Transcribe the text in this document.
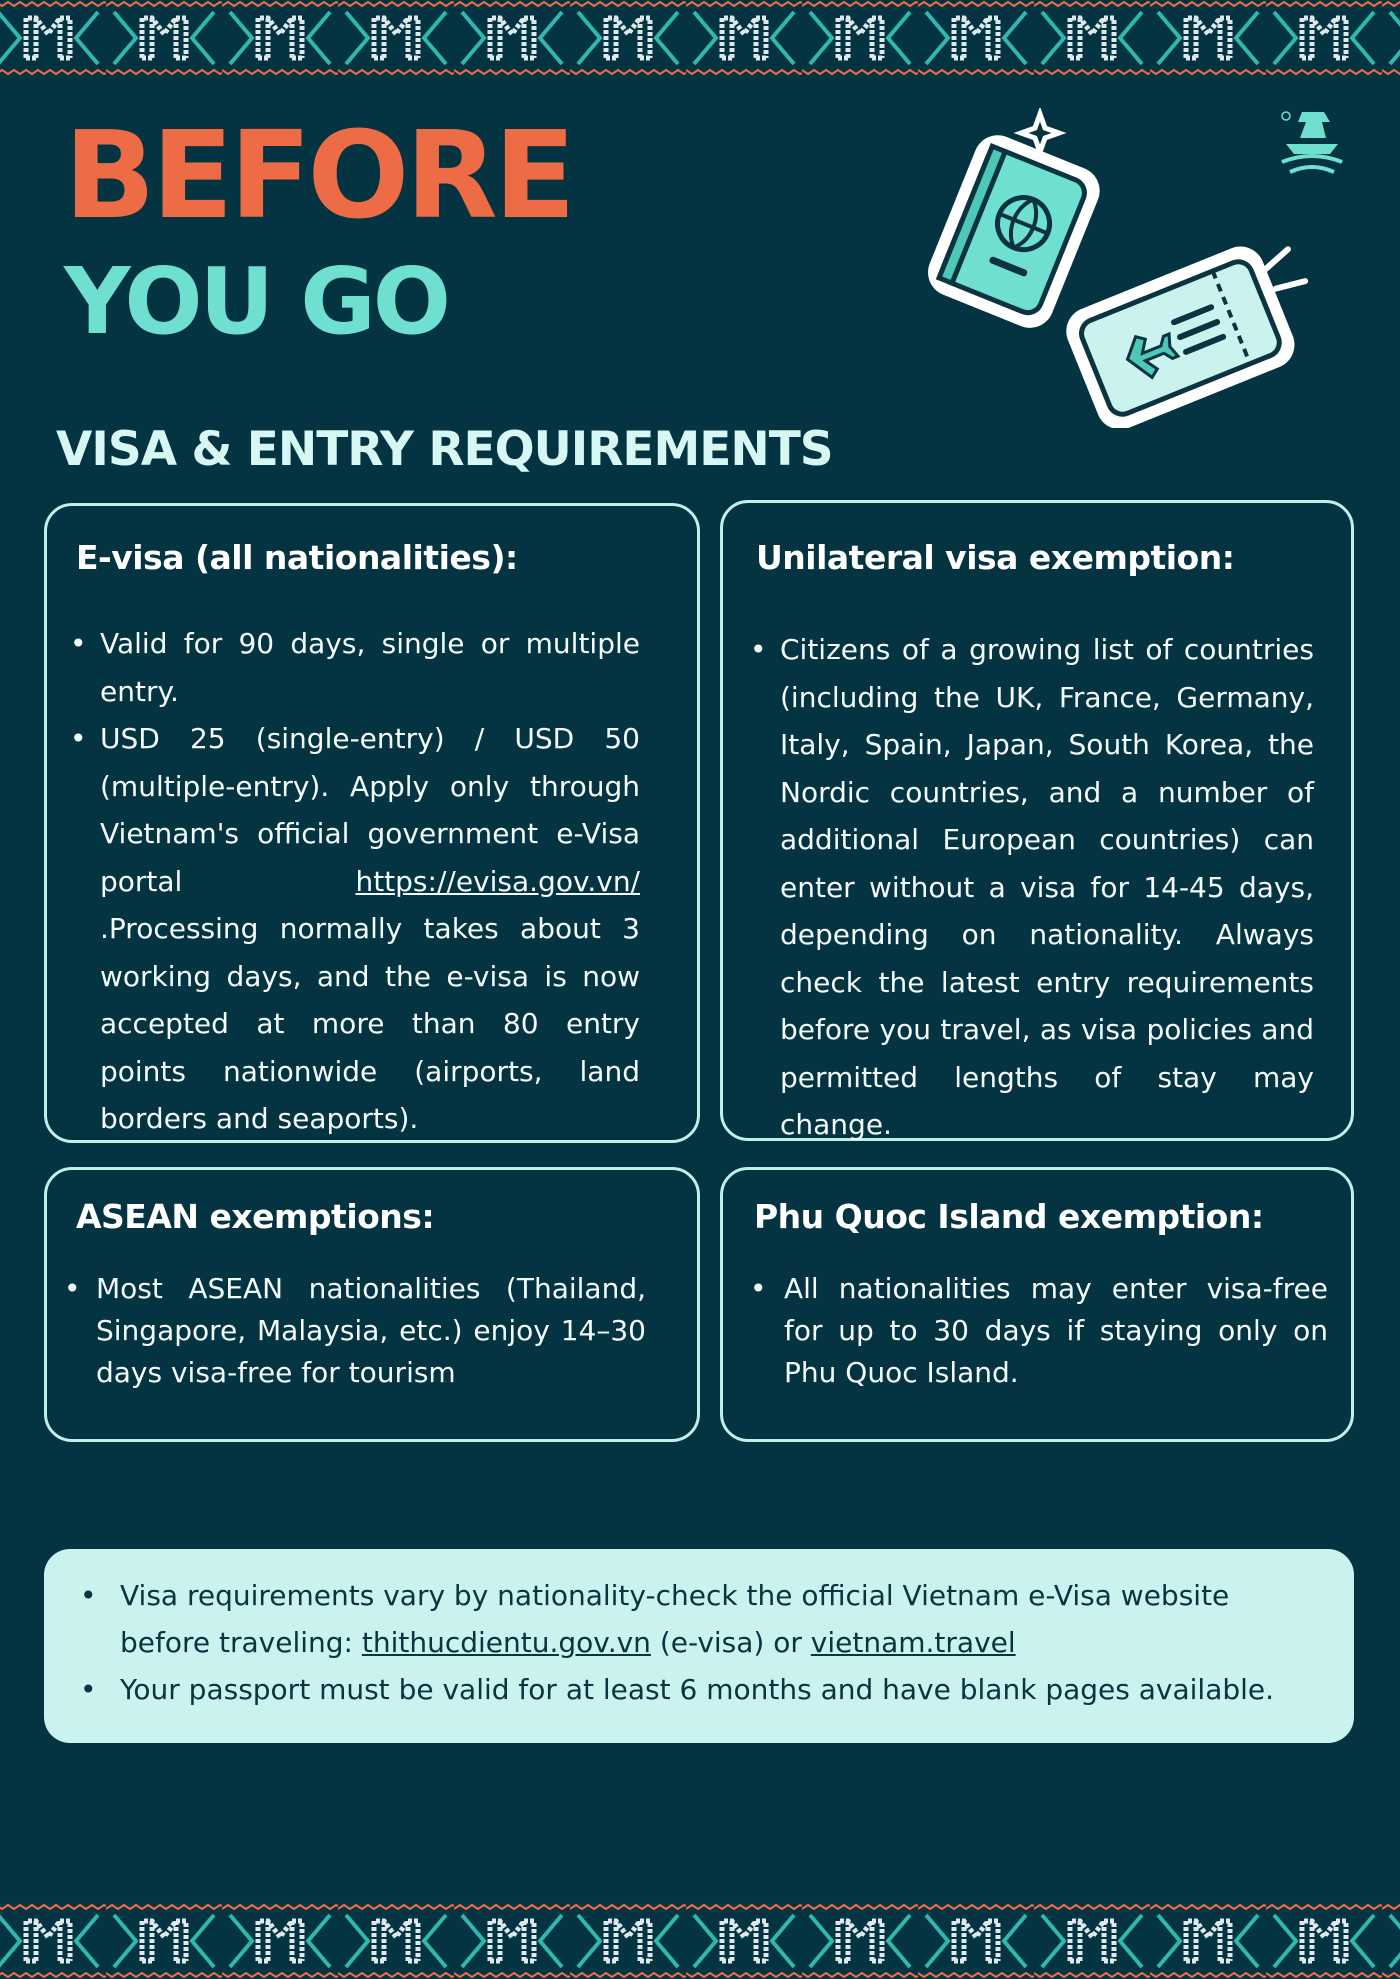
BEFORE
YOU GO
VISA & ENTRY REQUIREMENTS
E-visa (all nationalities):
• Valid for 90 days, single or multiple entry.
• USD 25 (single-entry) / USD 50 (multiple-entry). Apply only through Vietnam's official government e-Visa portal https://evisa.gov.vn/ .Processing normally takes about 3 working days, and the e-visa is now accepted at more than 80 entry points nationwide (airports, land borders and seaports).
Unilateral visa exemption:
• Citizens of a growing list of countries (including the UK, France, Germany, Italy, Spain, Japan, South Korea, the Nordic countries, and a number of additional European countries) can enter without a visa for 14-45 days, depending on nationality. Always check the latest entry requirements before you travel, as visa policies and permitted lengths of stay may change.
ASEAN exemptions:
• Most ASEAN nationalities (Thailand, Singapore, Malaysia, etc.) enjoy 14–30 days visa-free for tourism
Phu Quoc Island exemption:
• All nationalities may enter visa-free for up to 30 days if staying only on Phu Quoc Island.
• Visa requirements vary by nationality-check the official Vietnam e-Visa website before traveling: thithucdientu.gov.vn (e-visa) or vietnam.travel
• Your passport must be valid for at least 6 months and have blank pages available.
